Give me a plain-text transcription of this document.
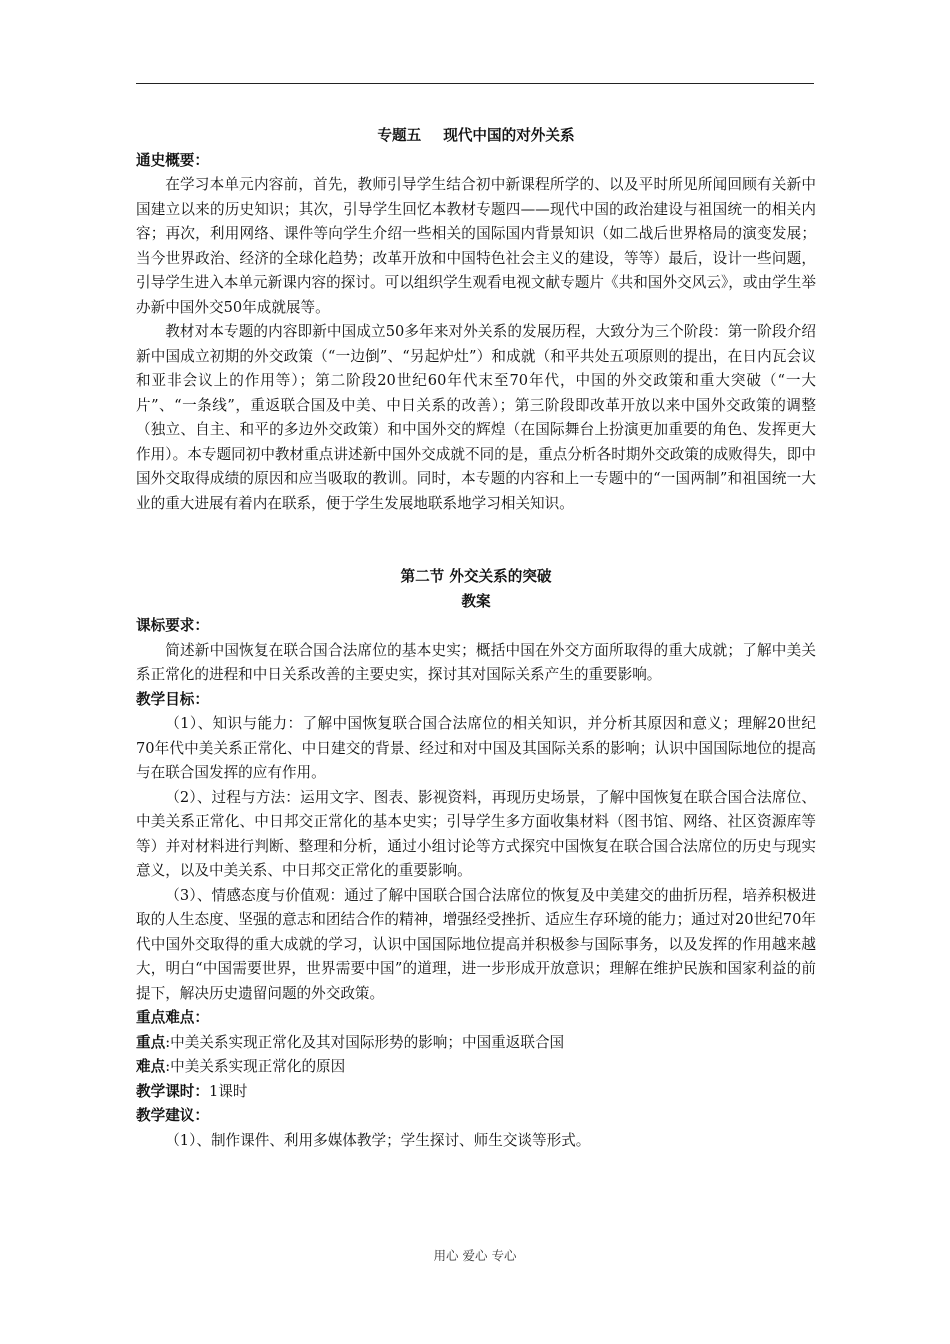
专题五 现代中国的对外关系

通史概要：

在学习本单元内容前，首先，教师引导学生结合初中新课程所学的、以及平时所见所闻回顾有关新中国建立以来的历史知识；其次，引导学生回忆本教材专题四——现代中国的政治建设与祖国统一的相关内容；再次，利用网络、课件等向学生介绍一些相关的国际国内背景知识（如二战后世界格局的演变发展；当今世界政治、经济的全球化趋势；改革开放和中国特色社会主义的建设，等等）最后，设计一些问题，引导学生进入本单元新课内容的探讨。可以组织学生观看电视文献专题片《共和国外交风云》，或由学生举办新中国外交50年成就展等。

教材对本专题的内容即新中国成立50多年来对外关系的发展历程，大致分为三个阶段：第一阶段介绍新中国成立初期的外交政策（“一边倒”、“另起炉灶”）和成就（和平共处五项原则的提出，在日内瓦会议和亚非会议上的作用等）；第二阶段20世纪60年代末至70年代，中国的外交政策和重大突破（“一大片”、“一条线”，重返联合国及中美、中日关系的改善）；第三阶段即改革开放以来中国外交政策的调整（独立、自主、和平的多边外交政策）和中国外交的辉煌（在国际舞台上扮演更加重要的角色、发挥更大作用）。本专题同初中教材重点讲述新中国外交成就不同的是，重点分析各时期外交政策的成败得失，即中国外交取得成绩的原因和应当吸取的教训。同时，本专题的内容和上一专题中的“一国两制”和祖国统一大业的重大进展有着内在联系，便于学生发展地联系地学习相关知识。

第二节 外交关系的突破

教案

课标要求：

简述新中国恢复在联合国合法席位的基本史实；概括中国在外交方面所取得的重大成就；了解中美关系正常化的进程和中日关系改善的主要史实，探讨其对国际关系产生的重要影响。

教学目标：

（1）、知识与能力：了解中国恢复联合国合法席位的相关知识，并分析其原因和意义；理解20世纪70年代中美关系正常化、中日建交的背景、经过和对中国及其国际关系的影响；认识中国国际地位的提高与在联合国发挥的应有作用。

（2）、过程与方法：运用文字、图表、影视资料，再现历史场景，了解中国恢复在联合国合法席位、中美关系正常化、中日邦交正常化的基本史实；引导学生多方面收集材料（图书馆、网络、社区资源库等等）并对材料进行判断、整理和分析，通过小组讨论等方式探究中国恢复在联合国合法席位的历史与现实意义，以及中美关系、中日邦交正常化的重要影响。

（3）、情感态度与价值观：通过了解中国联合国合法席位的恢复及中美建交的曲折历程，培养积极进取的人生态度、坚强的意志和团结合作的精神，增强经受挫折、适应生存环境的能力；通过对20世纪70年代中国外交取得的重大成就的学习，认识中国国际地位提高并积极参与国际事务，以及发挥的作用越来越大，明白“中国需要世界，世界需要中国”的道理，进一步形成开放意识；理解在维护民族和国家利益的前提下，解决历史遗留问题的外交政策。

重点难点：

重点:中美关系实现正常化及其对国际形势的影响；中国重返联合国

难点:中美关系实现正常化的原因

教学课时：1课时

教学建议：

（1）、制作课件、利用多媒体教学；学生探讨、师生交谈等形式。

用心 爱心 专心
